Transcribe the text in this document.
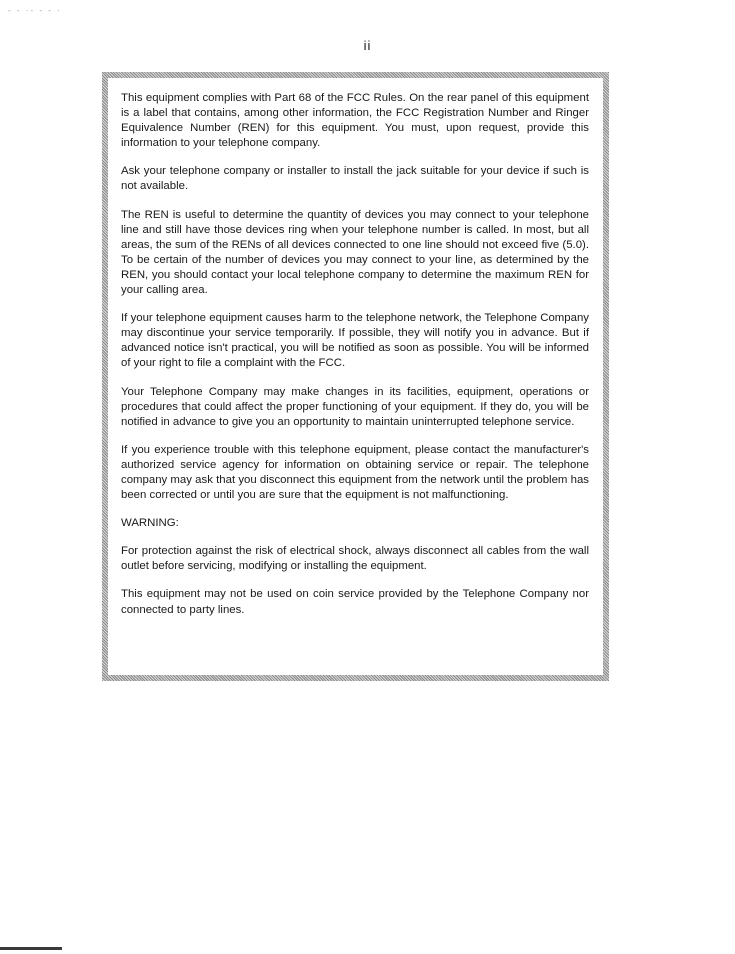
- - ·- - - ·
ii

This equipment complies with Part 68 of the FCC Rules. On the rear panel of this equipment is a label that contains, among other information, the FCC Registration Number and Ringer Equivalence Number (REN) for this equipment. You must, upon request, provide this information to your telephone company.

Ask your telephone company or installer to install the jack suitable for your device if such is not available.

The REN is useful to determine the quantity of devices you may connect to your telephone line and still have those devices ring when your telephone number is called. In most, but all areas, the sum of the RENs of all devices connected to one line should not exceed five (5.0). To be certain of the number of devices you may connect to your line, as determined by the REN, you should contact your local telephone company to determine the maximum REN for your calling area.

If your telephone equipment causes harm to the telephone network, the Telephone Company may discontinue your service temporarily. If possible, they will notify you in advance. But if advanced notice isn't practical, you will be notified as soon as possible. You will be informed of your right to file a complaint with the FCC.

Your Telephone Company may make changes in its facilities, equipment, operations or procedures that could affect the proper functioning of your equipment. If they do, you will be notified in advance to give you an opportunity to maintain uninterrupted telephone service.

If you experience trouble with this telephone equipment, please contact the manufacturer's authorized service agency for information on obtaining service or repair. The telephone company may ask that you disconnect this equipment from the network until the problem has been corrected or until you are sure that the equipment is not malfunctioning.

WARNING:

For protection against the risk of electrical shock, always disconnect all cables from the wall outlet before servicing, modifying or installing the equipment.

This equipment may not be used on coin service provided by the Telephone Company nor connected to party lines.
